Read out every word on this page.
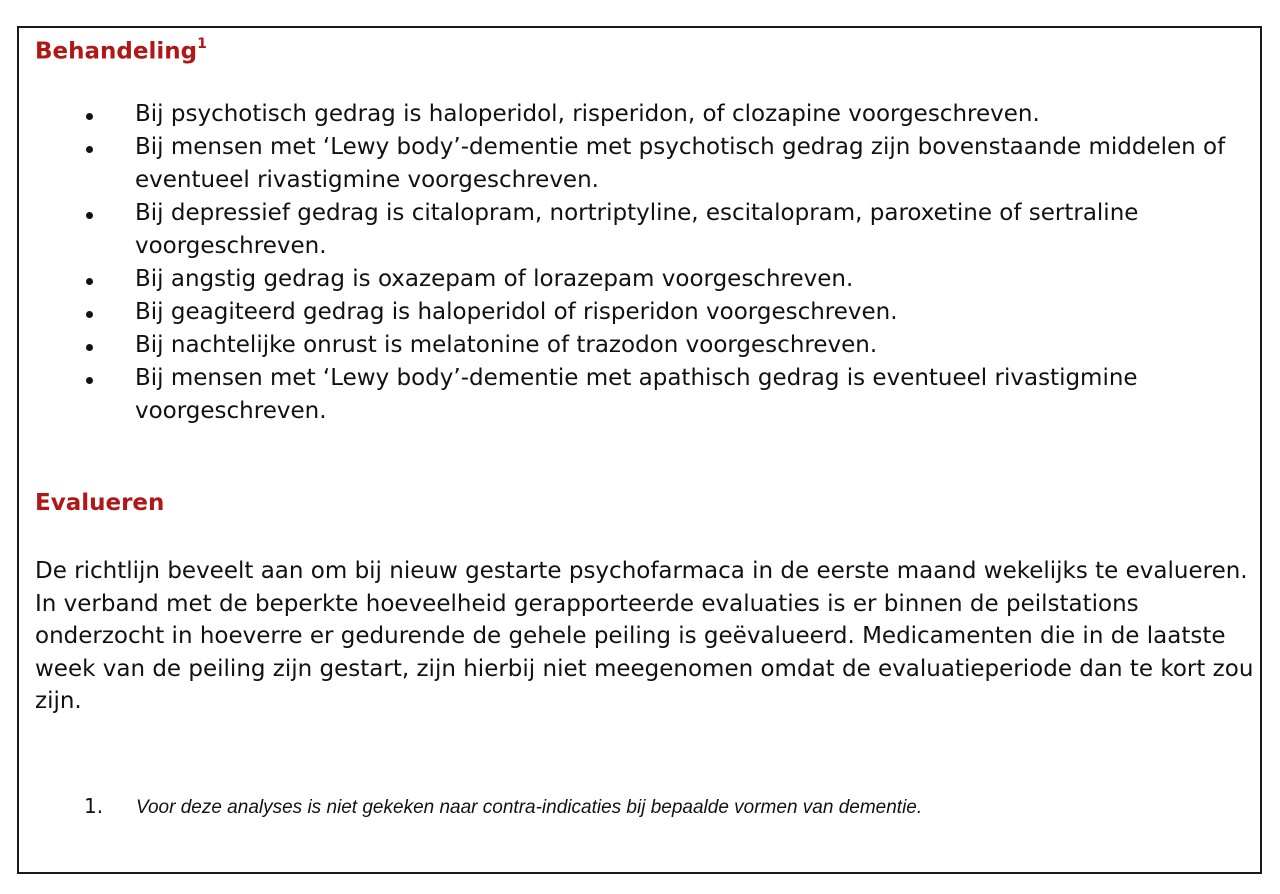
Behandeling$^1$
Bij psychotisch gedrag is haloperidol, risperidon, of clozapine voorgeschreven.
Bij mensen met ‘Lewy body’-dementie met psychotisch gedrag zijn bovenstaande middelen of eventueel rivastigmine voorgeschreven.
Bij depressief gedrag is citalopram, nortriptyline, escitalopram, paroxetine of sertraline voorgeschreven.
Bij angstig gedrag is oxazepam of lorazepam voorgeschreven.
Bij geagiteerd gedrag is haloperidol of risperidon voorgeschreven.
Bij nachtelijke onrust is melatonine of trazodon voorgeschreven.
Bij mensen met ‘Lewy body’-dementie met apathisch gedrag is eventueel rivastigmine voorgeschreven.
Evalueren

De richtlijn beveelt aan om bij nieuw gestarte psychofarmaca in de eerste maand wekelijks te evalueren. In verband met de beperkte hoeveelheid gerapporteerde evaluaties is er binnen de peilstations onderzocht in hoeverre er gedurende de gehele peiling is geëvalueerd. Medicamenten die in de laatste week van de peiling zijn gestart, zijn hierbij niet meegenomen omdat de evaluatieperiode dan te kort zou zijn.

1. Voor deze analyses is niet gekeken naar contra-indicaties bij bepaalde vormen van dementie.
